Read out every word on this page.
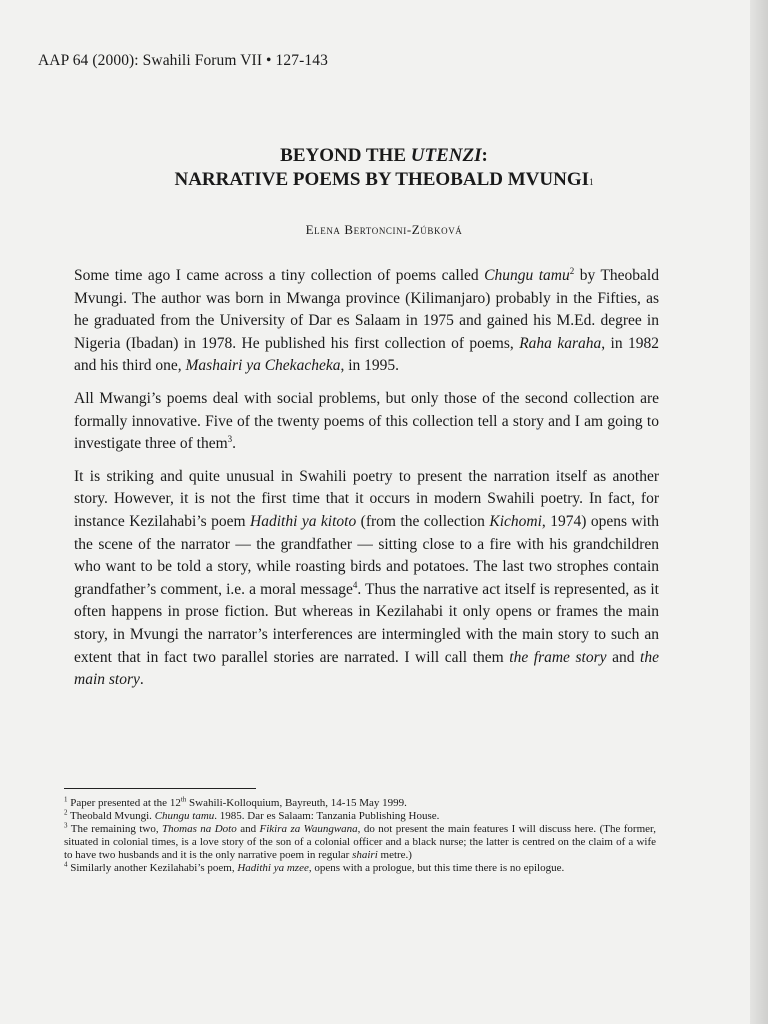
AAP 64 (2000): Swahili Forum VII • 127-143
BEYOND THE UTENZI:
NARRATIVE POEMS BY THEOBALD MVUNGI$^1$
Elena Bertoncini-Zúbková

Some time ago I came across a tiny collection of poems called Chungu tamu$^2$ by Theobald Mvungi. The author was born in Mwanga province (Kilimanjaro) probably in the Fifties, as he graduated from the University of Dar es Salaam in 1975 and gained his M.Ed. degree in Nigeria (Ibadan) in 1978. He published his first collection of poems, Raha karaha, in 1982 and his third one, Mashairi ya Chekacheka, in 1995.

All Mwangi’s poems deal with social problems, but only those of the second collection are formally innovative. Five of the twenty poems of this collection tell a story and I am going to investigate three of them$^3$.

It is striking and quite unusual in Swahili poetry to present the narration itself as another story. However, it is not the first time that it occurs in modern Swahili poetry. In fact, for instance Kezilahabi’s poem Hadithi ya kitoto (from the collection Kichomi, 1974) opens with the scene of the narrator — the grandfather — sitting close to a fire with his grandchildren who want to be told a story, while roasting birds and potatoes. The last two strophes contain grandfather’s comment, i.e. a moral message$^4$. Thus the narrative act itself is represented, as it often happens in prose fiction. But whereas in Kezilahabi it only opens or frames the main story, in Mvungi the narrator’s interferences are intermingled with the main story to such an extent that in fact two parallel stories are narrated. I will call them the frame story and the main story.

$^1$ Paper presented at the 12th Swahili-Kolloquium, Bayreuth, 14-15 May 1999.
$^2$ Theobald Mvungi. Chungu tamu. 1985. Dar es Salaam: Tanzania Publishing House.
$^3$ The remaining two, Thomas na Doto and Fikira za Waungwana, do not present the main features I will discuss here. (The former, situated in colonial times, is a love story of the son of a colonial officer and a black nurse; the latter is centred on the claim of a wife to have two husbands and it is the only narrative poem in regular shairi metre.)
$^4$ Similarly another Kezilahabi’s poem, Hadithi ya mzee, opens with a prologue, but this time there is no epilogue.
